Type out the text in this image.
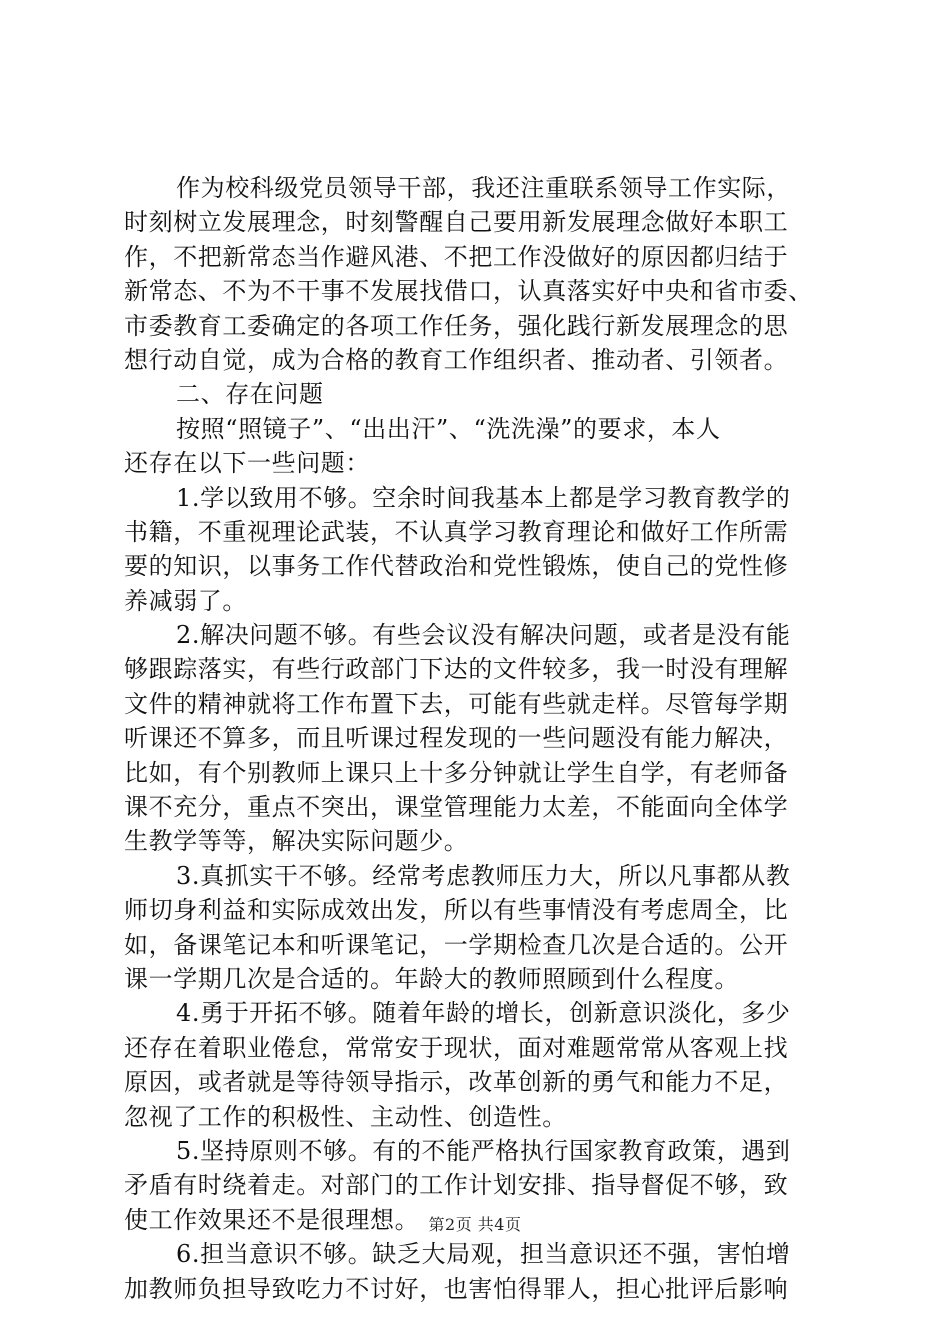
作为校科级党员领导干部，我还注重联系领导工作实际，
时刻树立发展理念，时刻警醒自己要用新发展理念做好本职工
作，不把新常态当作避风港、不把工作没做好的原因都归结于
新常态、不为不干事不发展找借口，认真落实好中央和省市委、
市委教育工委确定的各项工作任务，强化践行新发展理念的思
想行动自觉，成为合格的教育工作组织者、推动者、引领者。
二、存在问题
按照“照镜子”、“出出汗”、“洗洗澡”的要求，本人
还存在以下一些问题：
1.学以致用不够。空余时间我基本上都是学习教育教学的
书籍，不重视理论武装，不认真学习教育理论和做好工作所需
要的知识，以事务工作代替政治和党性锻炼，使自己的党性修
养减弱了。
2.解决问题不够。有些会议没有解决问题，或者是没有能
够跟踪落实，有些行政部门下达的文件较多，我一时没有理解
文件的精神就将工作布置下去，可能有些就走样。尽管每学期
听课还不算多，而且听课过程发现的一些问题没有能力解决，
比如，有个别教师上课只上十多分钟就让学生自学，有老师备
课不充分，重点不突出，课堂管理能力太差，不能面向全体学
生教学等等，解决实际问题少。
3.真抓实干不够。经常考虑教师压力大，所以凡事都从教
师切身利益和实际成效出发，所以有些事情没有考虑周全，比
如，备课笔记本和听课笔记，一学期检查几次是合适的。公开
课一学期几次是合适的。年龄大的教师照顾到什么程度。
4.勇于开拓不够。随着年龄的增长，创新意识淡化，多少
还存在着职业倦怠，常常安于现状，面对难题常常从客观上找
原因，或者就是等待领导指示，改革创新的勇气和能力不足，
忽视了工作的积极性、主动性、创造性。
5.坚持原则不够。有的不能严格执行国家教育政策，遇到
矛盾有时绕着走。对部门的工作计划安排、指导督促不够，致
使工作效果还不是很理想。
6.担当意识不够。缺乏大局观，担当意识还不强，害怕增
加教师负担导致吃力不讨好，也害怕得罪人，担心批评后影响
第2页 共4页
